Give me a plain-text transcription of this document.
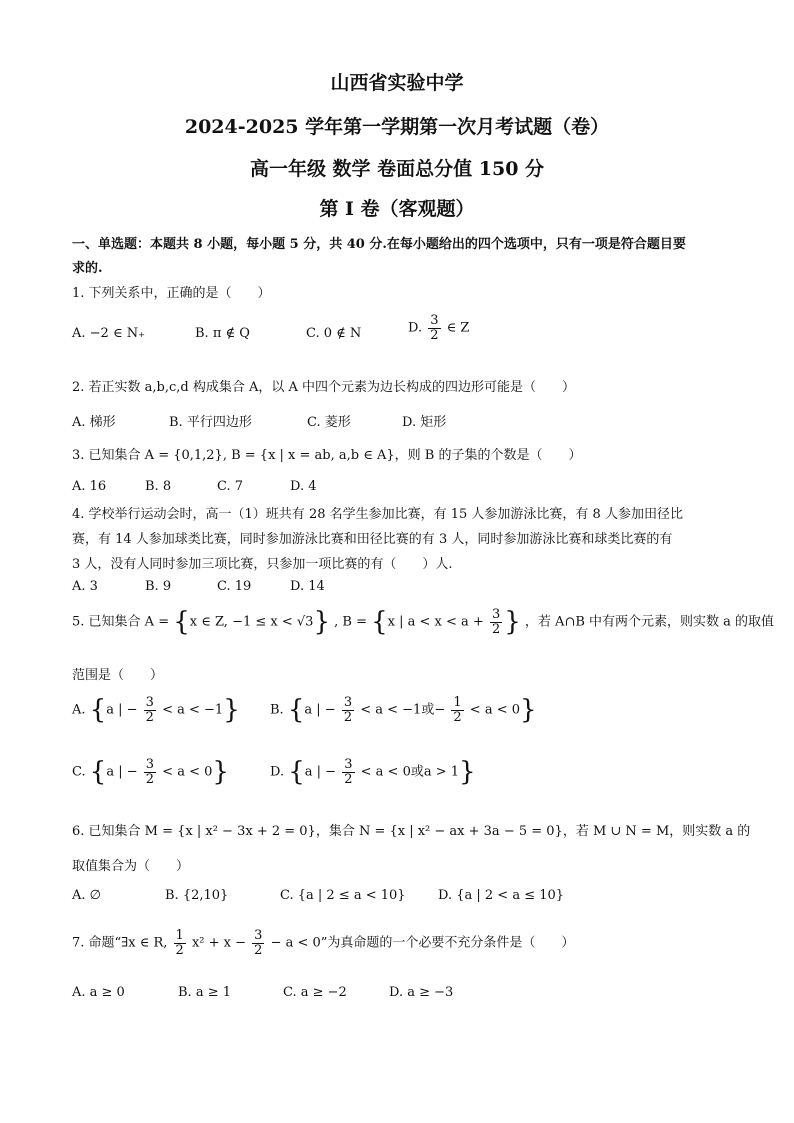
山西省实验中学
2024-2025 学年第一学期第一次月考试题（卷）
高一年级 数学 卷面总分值 150 分
第 I 卷（客观题）
一、单选题：本题共 8 小题，每小题 5 分，共 40 分.在每小题给出的四个选项中，只有一项是符合题目要
求的.
1. 下列关系中，正确的是（　　）
A. −2 ∈ N₊	B. π ∉ Q	C. 0 ∉ N	D. $\frac{3}{2}$ ∈ Z
2. 若正实数 a,b,c,d 构成集合 A，以 A 中四个元素为边长构成的四边形可能是（　　）
A. 梯形	B. 平行四边形	C. 菱形	D. 矩形
3. 已知集合 A = {0,1,2}, B = {x | x = ab, a,b ∈ A}，则 B 的子集的个数是（　　）
A. 16	B. 8	C. 7	D. 4
4. 学校举行运动会时，高一（1）班共有 28 名学生参加比赛，有 15 人参加游泳比赛，有 8 人参加田径比
赛，有 14 人参加球类比赛，同时参加游泳比赛和田径比赛的有 3 人，同时参加游泳比赛和球类比赛的有
3 人，没有人同时参加三项比赛，只参加一项比赛的有（　　）人.
A. 3	B. 9	C. 19	D. 14
5. 已知集合 A = {x ∈ Z, −1 ≤ x < √3} , B = {x | $a < x < a + \frac{3}{2}$ } ，若 A∩B 中有两个元素，则实数 a 的取值
范围是（　　）
A. {a | − $\frac{3}{2} < a < -1$} B. {a | − $\frac{3}{2} < a < -1$或− $\frac{1}{2} < a < 0$}
C. {a | − $\frac{3}{2} < a < 0$}	D. {a | − $\frac{3}{2} < a < 0$或a > 1}
6. 已知集合 M = {x | x² − 3x + 2 = 0}，集合 N = {x | x² − ax + 3a − 5 = 0}，若 M ∪ N = M，则实数 a 的
取值集合为（　　）
A. ∅	B. {2,10}	C. {a | 2 ≤ a < 10} D. {a | 2 < a ≤ 10}
7. 命题“∃x ∈ R, $\frac{1}{2} x^2 + x - \frac{3}{2} - a < 0$”为真命题的一个必要不充分条件是（　　）
A. a ≥ 0	B. a ≥ 1	C. a ≥ −2	D. a ≥ −3
